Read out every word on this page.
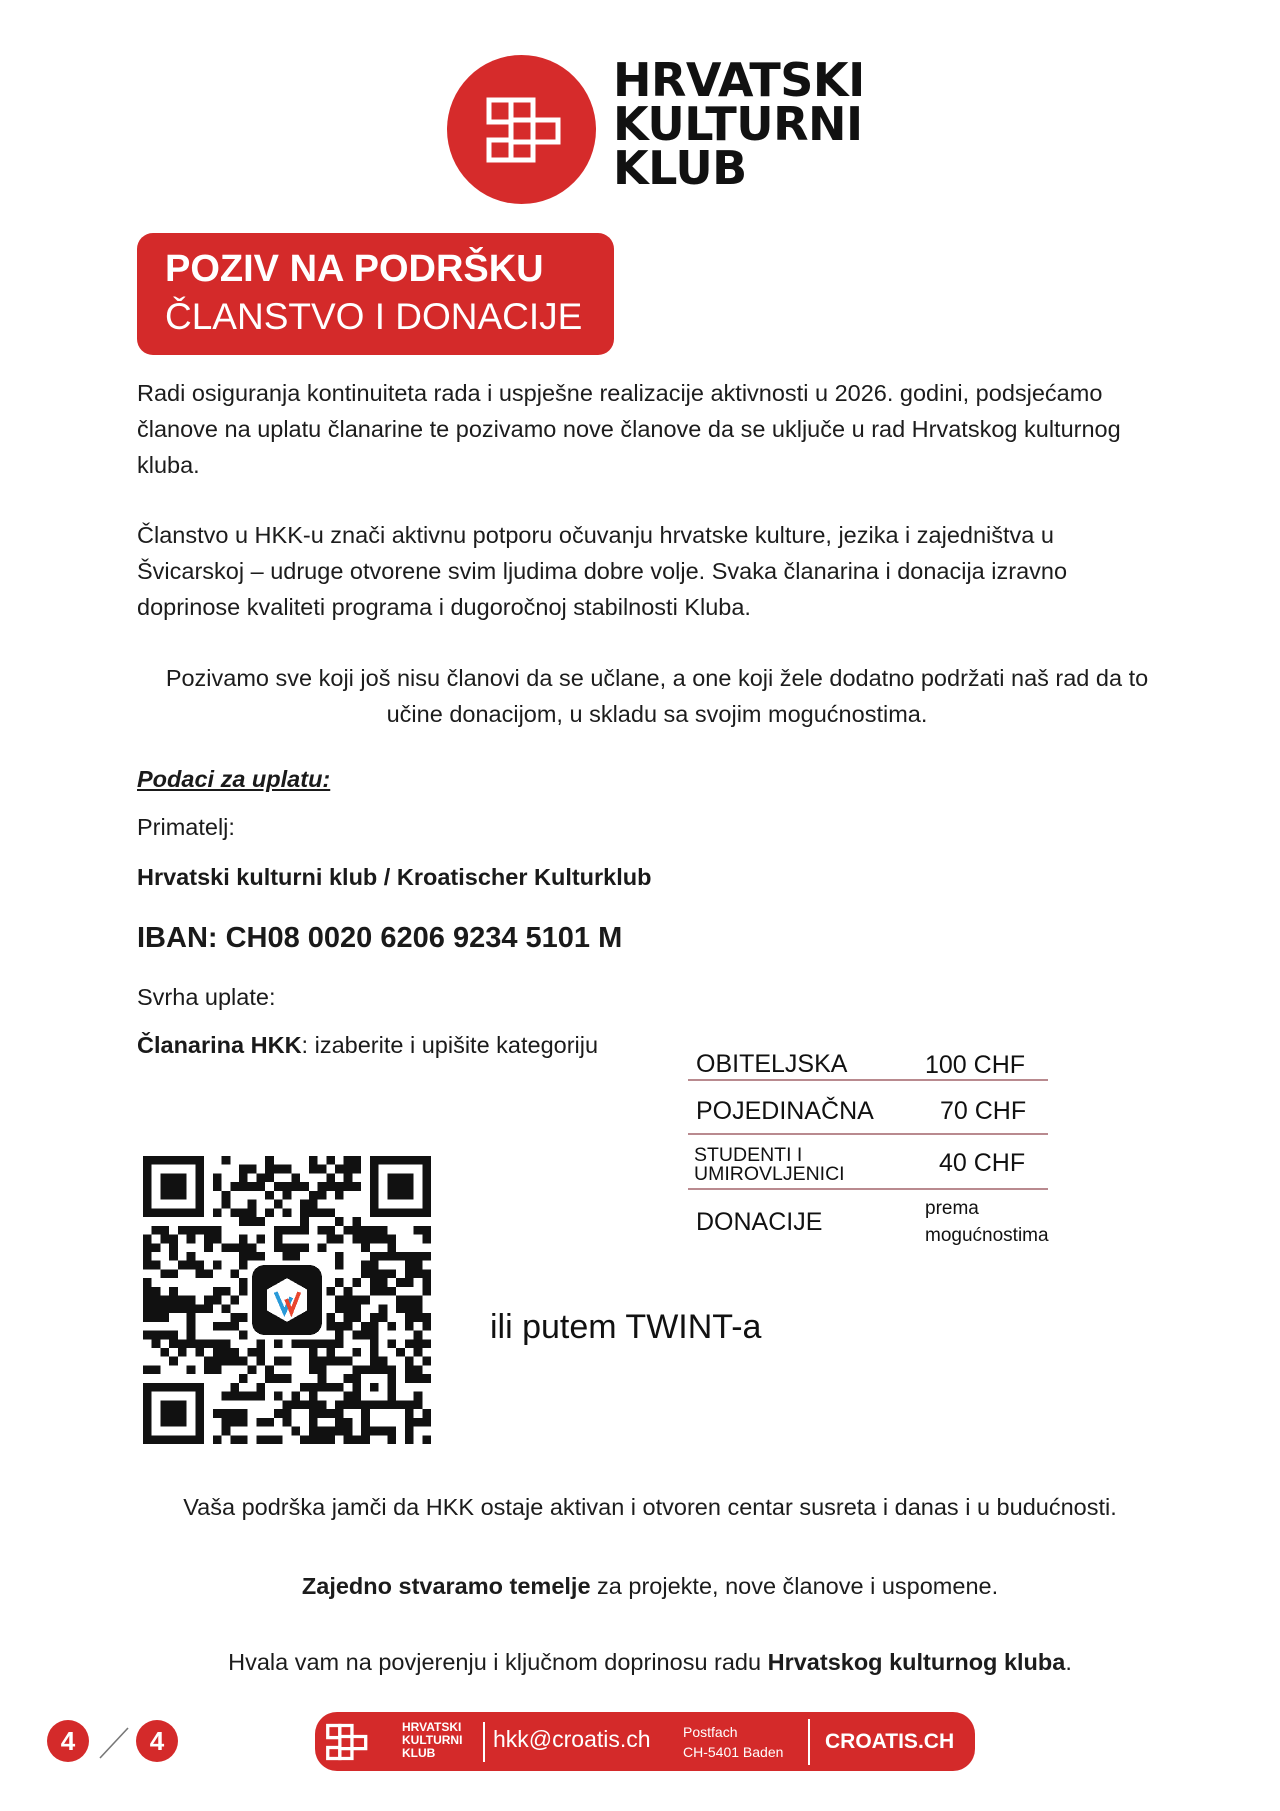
HRVATSKI
KULTURNI
KLUB
POZIV NA PODRŠKU
ČLANSTVO I DONACIJE

Radi osiguranja kontinuiteta rada i uspješne realizacije aktivnosti u 2026. godini, podsjećamo članove na uplatu članarine te pozivamo nove članove da se uključe u rad Hrvatskog kulturnog kluba.

Članstvo u HKK-u znači aktivnu potporu očuvanju hrvatske kulture, jezika i zajedništva u Švicarskoj – udruge otvorene svim ljudima dobre volje. Svaka članarina i donacija izravno doprinose kvaliteti programa i dugoročnoj stabilnosti Kluba.

Pozivamo sve koji još nisu članovi da se učlane, a one koji žele dodatno podržati naš rad da to učine donacijom, u skladu sa svojim mogućnostima.

Podaci za uplatu:
Primatelj:
Hrvatski kulturni klub / Kroatischer Kulturklub
IBAN: CH08 0020 6206 9234 5101 M
Svrha uplate:
Članarina HKK: izaberite i upišite kategoriju
OBITELJSKA	100 CHF
POJEDINAČNA	70 CHF
STUDENTI I
UMIROVLJENICI	40 CHF
DONACIJE	prema
mogućnostima
ili putem TWINT-a

Vaša podrška jamči da HKK ostaje aktivan i otvoren centar susreta i danas i u budućnosti.

Zajedno stvaramo temelje za projekte, nove članove i uspomene.

Hvala vam na povjerenju i ključnom doprinosu radu Hrvatskog kulturnog kluba.

4	4	HRVATSKI
KULTURNI
KLUB
hkk@croatis.ch Postfach
CH-5401 Baden CROATIS.CH
